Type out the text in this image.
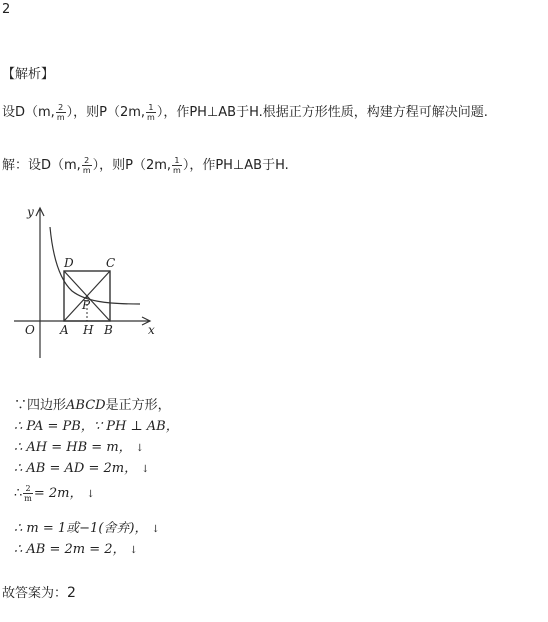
2
【解析】
设D（m, $\frac{2}{m}$ ），则P（2m, $\frac{1}{m}$ ），作PH⊥AB于H.根据正方形性质，构建方程可解决问题.
解：设D（m, $\frac{2}{m}$ ），则P（2m, $\frac{1}{m}$ ），作PH⊥AB于H.
y
x
O A H B
D	C
P
∵四边形ABCD是正方形，
∴ PA = PB，∵ PH ⊥ AB，
∴ AH = HB = m， ↓
∴ AB = AD = 2m， ↓
∴ $\frac{2}{m} = 2m$， ↓
∴ m = 1或−1(舍弃)， ↓
∴ AB = 2m = 2， ↓
故答案为：2
